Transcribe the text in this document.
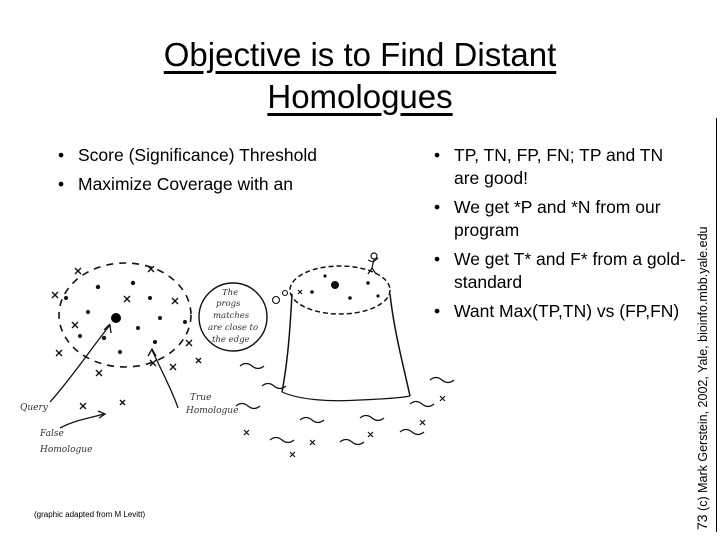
Objective is to Find Distant
Homologues
• Score (Significance) Threshold
• Maximize Coverage with an
• TP, TN, FP, FN; TP and TN are good!
• We get *P and *N from our program
• We get T* and F* from a gold-standard
• Want Max(TP,TN) vs (FP,FN)
Query
True
Homologue
False
Homologue
The
progs
matches
are close to
the edge
(graphic adapted from M Levitt)	73 (c) Mark Gerstein, 2002, Yale, bioinfo.mbb.yale.edu
